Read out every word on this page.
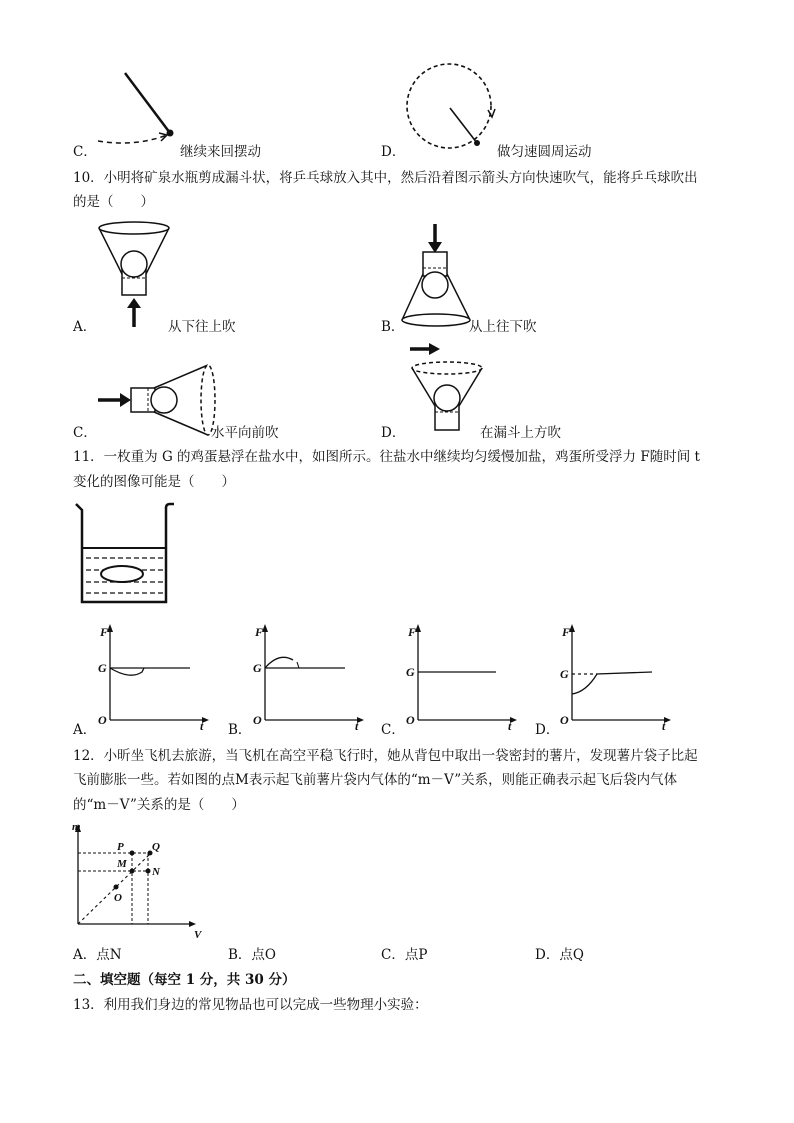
C．	继续来回摆动	D．	做匀速圆周运动
10．小明将矿泉水瓶剪成漏斗状，将乒乓球放入其中，然后沿着图示箭头方向快速吹气，能将乒乓球吹出
的是（　　）
A．	从下往上吹	B．	从上往下吹
C．	水平向前吹	D．	在漏斗上方吹
11．一枚重为 G 的鸡蛋悬浮在盐水中，如图所示。往盐水中继续均匀缓慢加盐，鸡蛋所受浮力 F随时间 t
变化的图像可能是（　　）
F
G
O	t
A．
F
G
O	t
B．
F
G
O	t
C．
F
G
O	t
D．
12．小昕坐飞机去旅游，当飞机在高空平稳飞行时，她从背包中取出一袋密封的薯片，发现薯片袋子比起
飞前膨胀一些。若如图的点M表示起飞前薯片袋内气体的“m－V”关系，则能正确表示起飞后袋内气体
的“m－V”关系的是（　　）
m
P	Q
M
N
O
V
A．点N	B．点O	C．点P	D．点Q
二、填空题（每空 1 分，共 30 分）
13．利用我们身边的常见物品也可以完成一些物理小实验：
